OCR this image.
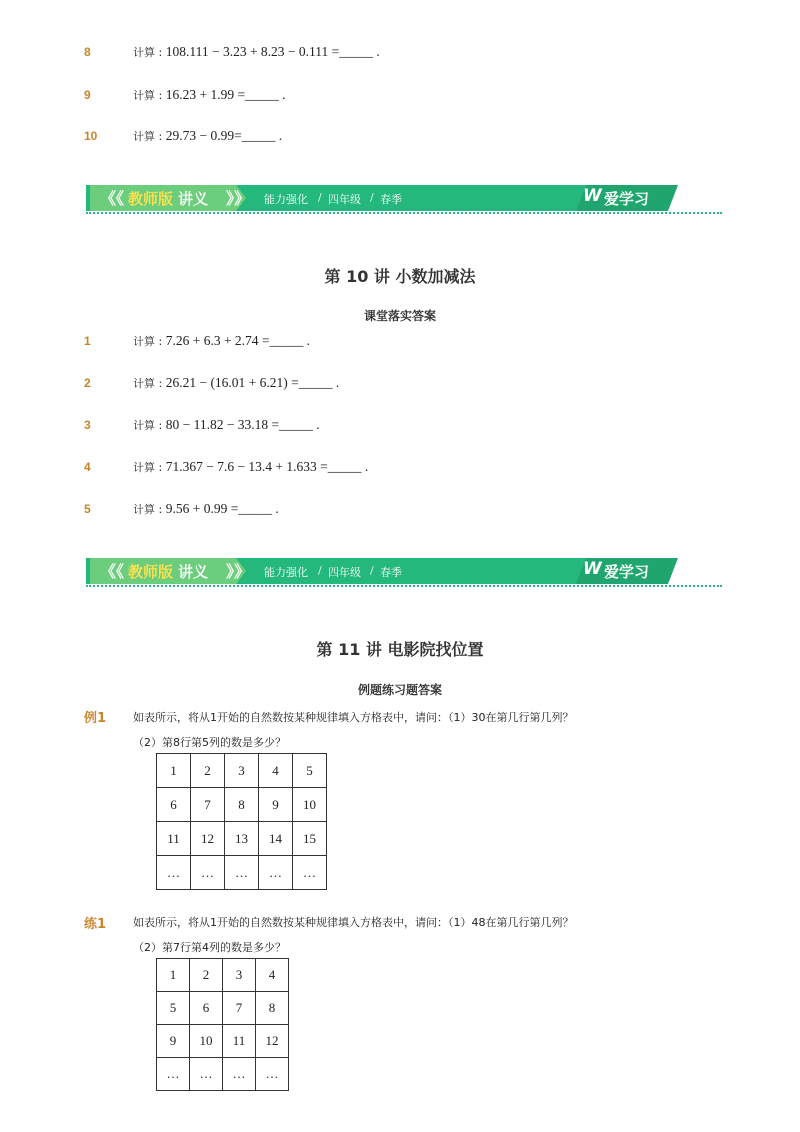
8	计算 : 108.111 − 3.23 + 8.23 − 0.111 =_____ .
9	计算 : 16.23 + 1.99 =_____ .
10	计算 : 29.73 − 0.99=_____ .
《《	》》
教师版 讲义	能力强化 / 四年级 / 春季	W 爱学习
第 10 讲 小数加减法
课堂落实答案
1	计算 : 7.26 + 6.3 + 2.74 =_____ .
2	计算 : 26.21 − (16.01 + 6.21) =_____ .
3	计算 : 80 − 11.82 − 33.18 =_____ .
4	计算 : 71.367 − 7.6 − 13.4 + 1.633 =_____ .
5	计算 : 9.56 + 0.99 =_____ .
《《	》》
教师版 讲义	能力强化 / 四年级 / 春季	W 爱学习
第 11 讲 电影院找位置
例题练习题答案
例1 如表所示，将从1开始的自然数按某种规律填入方格表中，请问：（1）30在第几行第几列？
（2）第8行第5列的数是多少？
1	2	3	4	5
6	7	8	9	10
11	12	13	14	15
…	…	…	…	…
练1 如表所示，将从1开始的自然数按某种规律填入方格表中，请问：（1）48在第几行第几列？
（2）第7行第4列的数是多少？
1	2	3	4
5	6	7	8
9	10	11	12
…	…	…	…
